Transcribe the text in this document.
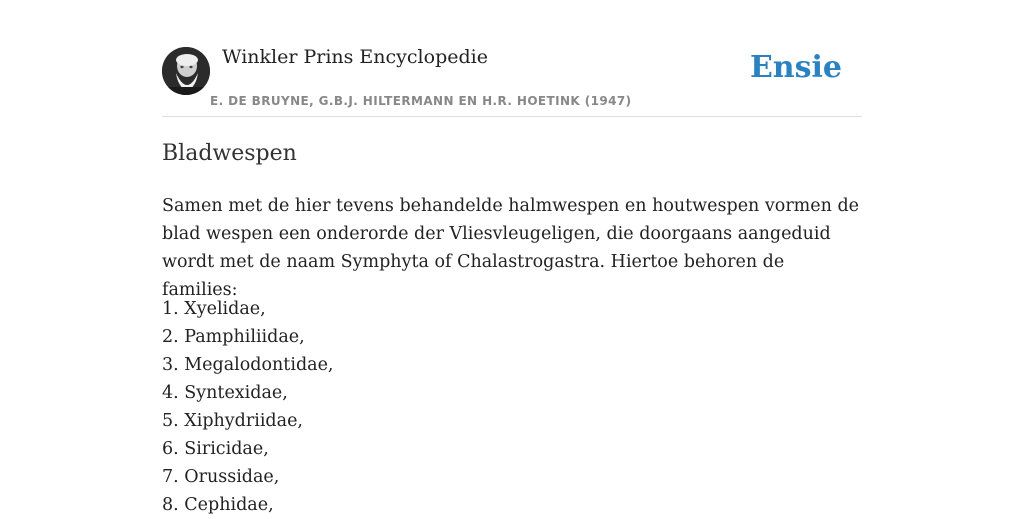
Winkler Prins Encyclopedie
E. DE BRUYNE, G.B.J. HILTERMANN EN H.R. HOETINK (1947)
Ensie
Bladwespen

Samen met de hier tevens behandelde halmwespen en houtwespen vormen de blad wespen een onderorde der Vliesvleugeligen, die doorgaans aangeduid wordt met de naam Symphyta of Chalastrogastra. Hiertoe behoren de families:

1. Xyelidae,
2. Pamphiliidae,
3. Megalodontidae,
4. Syntexidae,
5. Xiphydriidae,
6. Siricidae,
7. Orussidae,
8. Cephidae,
